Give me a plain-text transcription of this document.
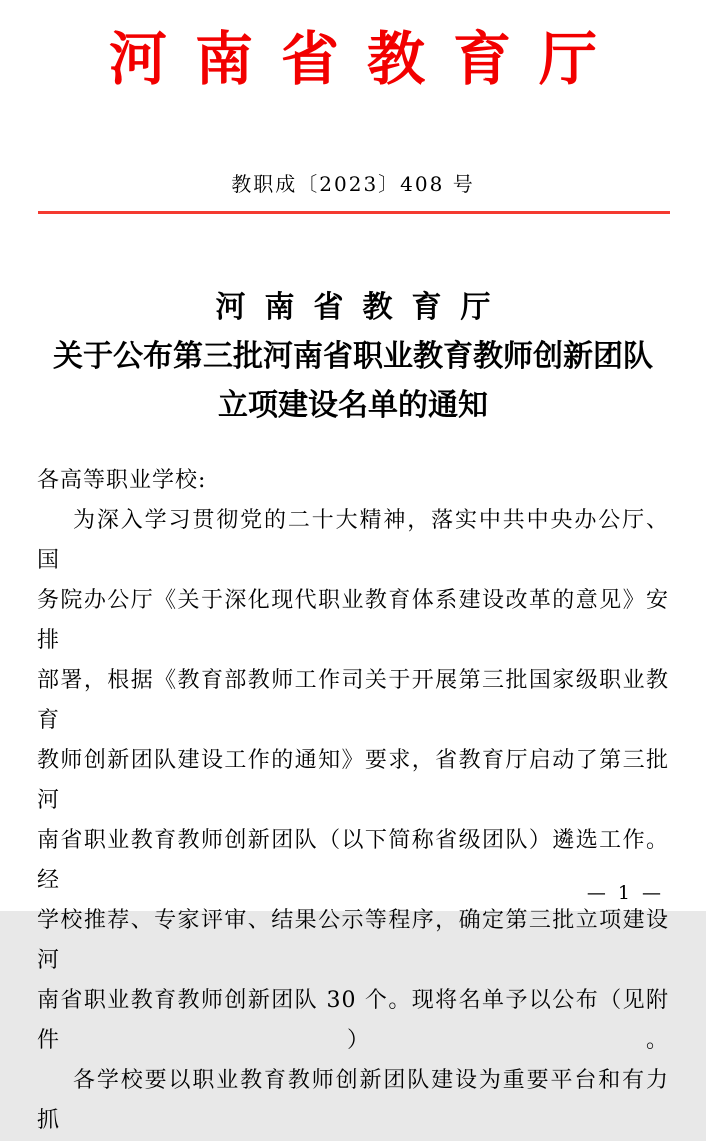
河南省教育厅
教职成〔2023〕408 号
河南省教育厅
关于公布第三批河南省职业教育教师创新团队
立项建设名单的通知
各高等职业学校:
为深入学习贯彻党的二十大精神，落实中共中央办公厅、国
务院办公厅《关于深化现代职业教育体系建设改革的意见》安排
部署，根据《教育部教师工作司关于开展第三批国家级职业教育
教师创新团队建设工作的通知》要求，省教育厅启动了第三批河
南省职业教育教师创新团队（以下简称省级团队）遴选工作。经
学校推荐、专家评审、结果公示等程序，确定第三批立项建设河
南省职业教育教师创新团队 30 个。现将名单予以公布（见附件）。
各学校要以职业教育教师创新团队建设为重要平台和有力抓
— 1 —
